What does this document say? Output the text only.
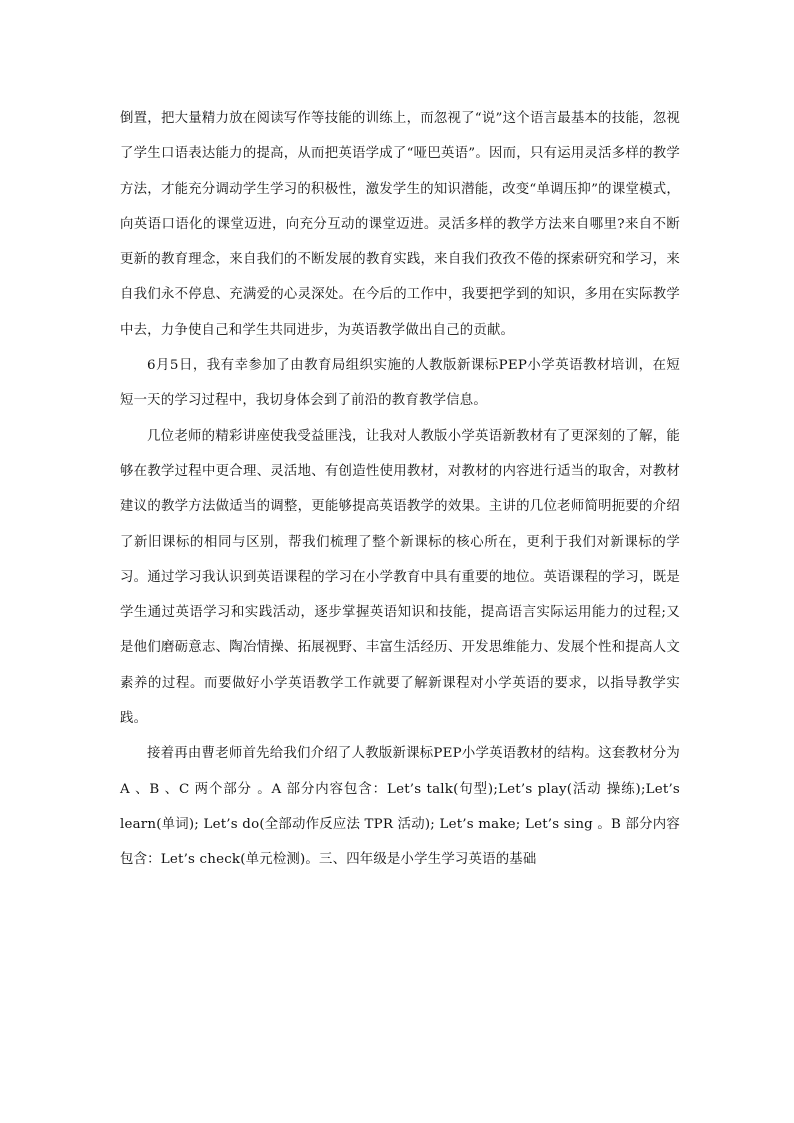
倒置，把大量精力放在阅读写作等技能的训练上，而忽视了“说”这个语言最基本的技能，忽视了学生口语表达能力的提高，从而把英语学成了“哑巴英语”。因而，只有运用灵活多样的教学方法，才能充分调动学生学习的积极性，激发学生的知识潜能，改变“单调压抑”的课堂模式，向英语口语化的课堂迈进，向充分互动的课堂迈进。灵活多样的教学方法来自哪里?来自不断更新的教育理念，来自我们的不断发展的教育实践，来自我们孜孜不倦的探索研究和学习，来自我们永不停息、充满爱的心灵深处。在今后的工作中，我要把学到的知识，多用在实际教学中去，力争使自己和学生共同进步，为英语教学做出自己的贡献。

6月5日，我有幸参加了由教育局组织实施的人教版新课标PEP小学英语教材培训，在短短一天的学习过程中，我切身体会到了前沿的教育教学信息。

几位老师的精彩讲座使我受益匪浅，让我对人教版小学英语新教材有了更深刻的了解，能够在教学过程中更合理、灵活地、有创造性使用教材，对教材的内容进行适当的取舍，对教材建议的教学方法做适当的调整，更能够提高英语教学的效果。主讲的几位老师简明扼要的介绍了新旧课标的相同与区别，帮我们梳理了整个新课标的核心所在，更利于我们对新课标的学习。通过学习我认识到英语课程的学习在小学教育中具有重要的地位。英语课程的学习，既是学生通过英语学习和实践活动，逐步掌握英语知识和技能，提高语言实际运用能力的过程;又是他们磨砺意志、陶冶情操、拓展视野、丰富生活经历、开发思维能力、发展个性和提高人文素养的过程。而要做好小学英语教学工作就要了解新课程对小学英语的要求，以指导教学实践。

接着再由曹老师首先给我们介绍了人教版新课标PEP小学英语教材的结构。这套教材分为 A 、B 、C 两个部分 。A 部分内容包含：Let’s talk(句型);Let’s play(活动 操练);Let’s learn(单词); Let’s do(全部动作反应法 TPR 活动); Let’s make; Let’s sing 。B 部分内容包含：Let’s check(单元检测)。三、四年级是小学生学习英语的基础
